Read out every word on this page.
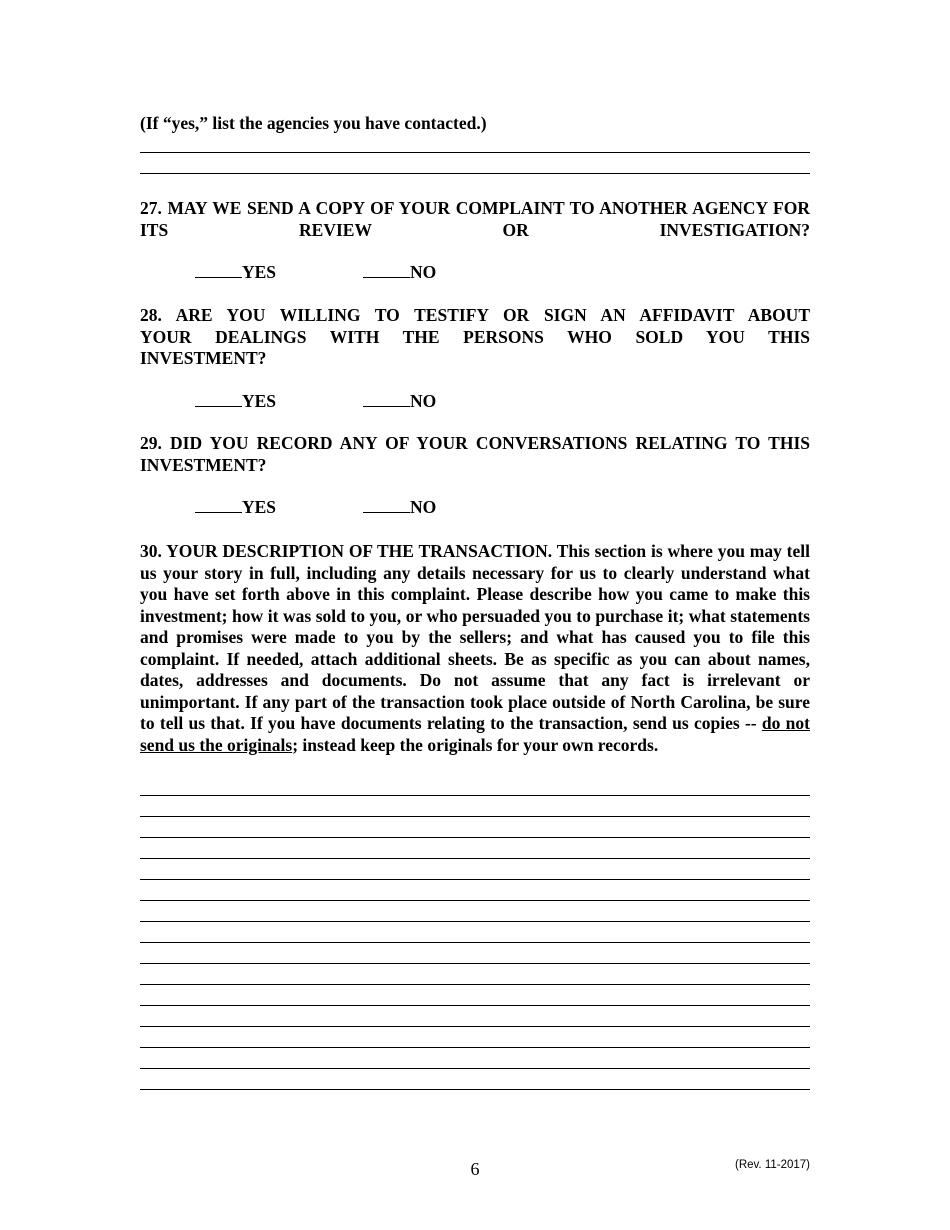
(If “yes,” list the agencies you have contacted.)
27. MAY WE SEND A COPY OF YOUR COMPLAINT TO ANOTHER AGENCY FOR ITS REVIEW OR INVESTIGATION?
YES	NO
28. ARE YOU WILLING TO TESTIFY OR SIGN AN AFFIDAVIT ABOUT
YOUR DEALINGS WITH THE PERSONS WHO SOLD YOU THIS
INVESTMENT?
YES	NO
29. DID YOU RECORD ANY OF YOUR CONVERSATIONS RELATING TO THIS INVESTMENT?
YES	NO
30. YOUR DESCRIPTION OF THE TRANSACTION. This section is where you may tell us your story in full, including any details necessary for us to clearly understand what you have set forth above in this complaint. Please describe how you came to make this investment; how it was sold to you, or who persuaded you to purchase it; what statements and promises were made to you by the sellers; and what has caused you to file this complaint. If needed, attach additional sheets. Be as specific as you can about names, dates, addresses and documents. Do not assume that any fact is irrelevant or unimportant. If any part of the transaction took place outside of North Carolina, be sure to tell us that. If you have documents relating to the transaction, send us copies -- do not send us the originals; instead keep the originals for your own records.
6	(Rev. 11-2017)
